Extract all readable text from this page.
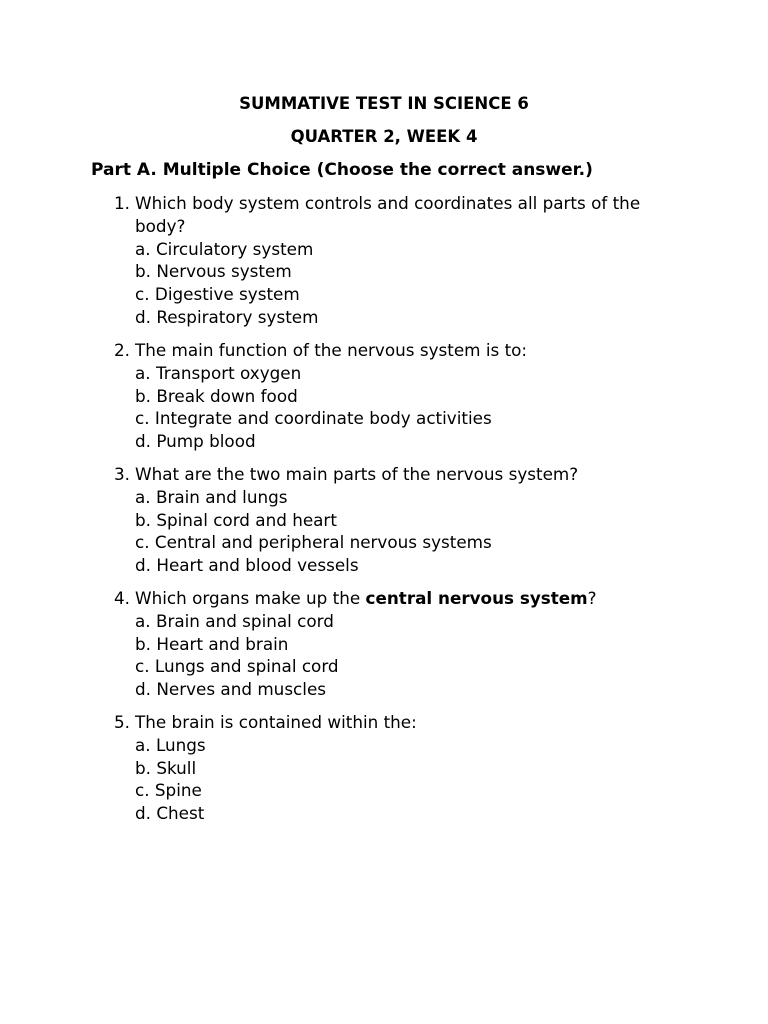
SUMMATIVE TEST IN SCIENCE 6
QUARTER 2, WEEK 4
Part A. Multiple Choice (Choose the correct answer.)
1. Which body system controls and coordinates all parts of the body?
a. Circulatory system
b. Nervous system
c. Digestive system
d. Respiratory system
2. The main function of the nervous system is to:
a. Transport oxygen
b. Break down food
c. Integrate and coordinate body activities
d. Pump blood
3. What are the two main parts of the nervous system?
a. Brain and lungs
b. Spinal cord and heart
c. Central and peripheral nervous systems
d. Heart and blood vessels
4. Which organs make up the central nervous system?
a. Brain and spinal cord
b. Heart and brain
c. Lungs and spinal cord
d. Nerves and muscles
5. The brain is contained within the:
a. Lungs
b. Skull
c. Spine
d. Chest
